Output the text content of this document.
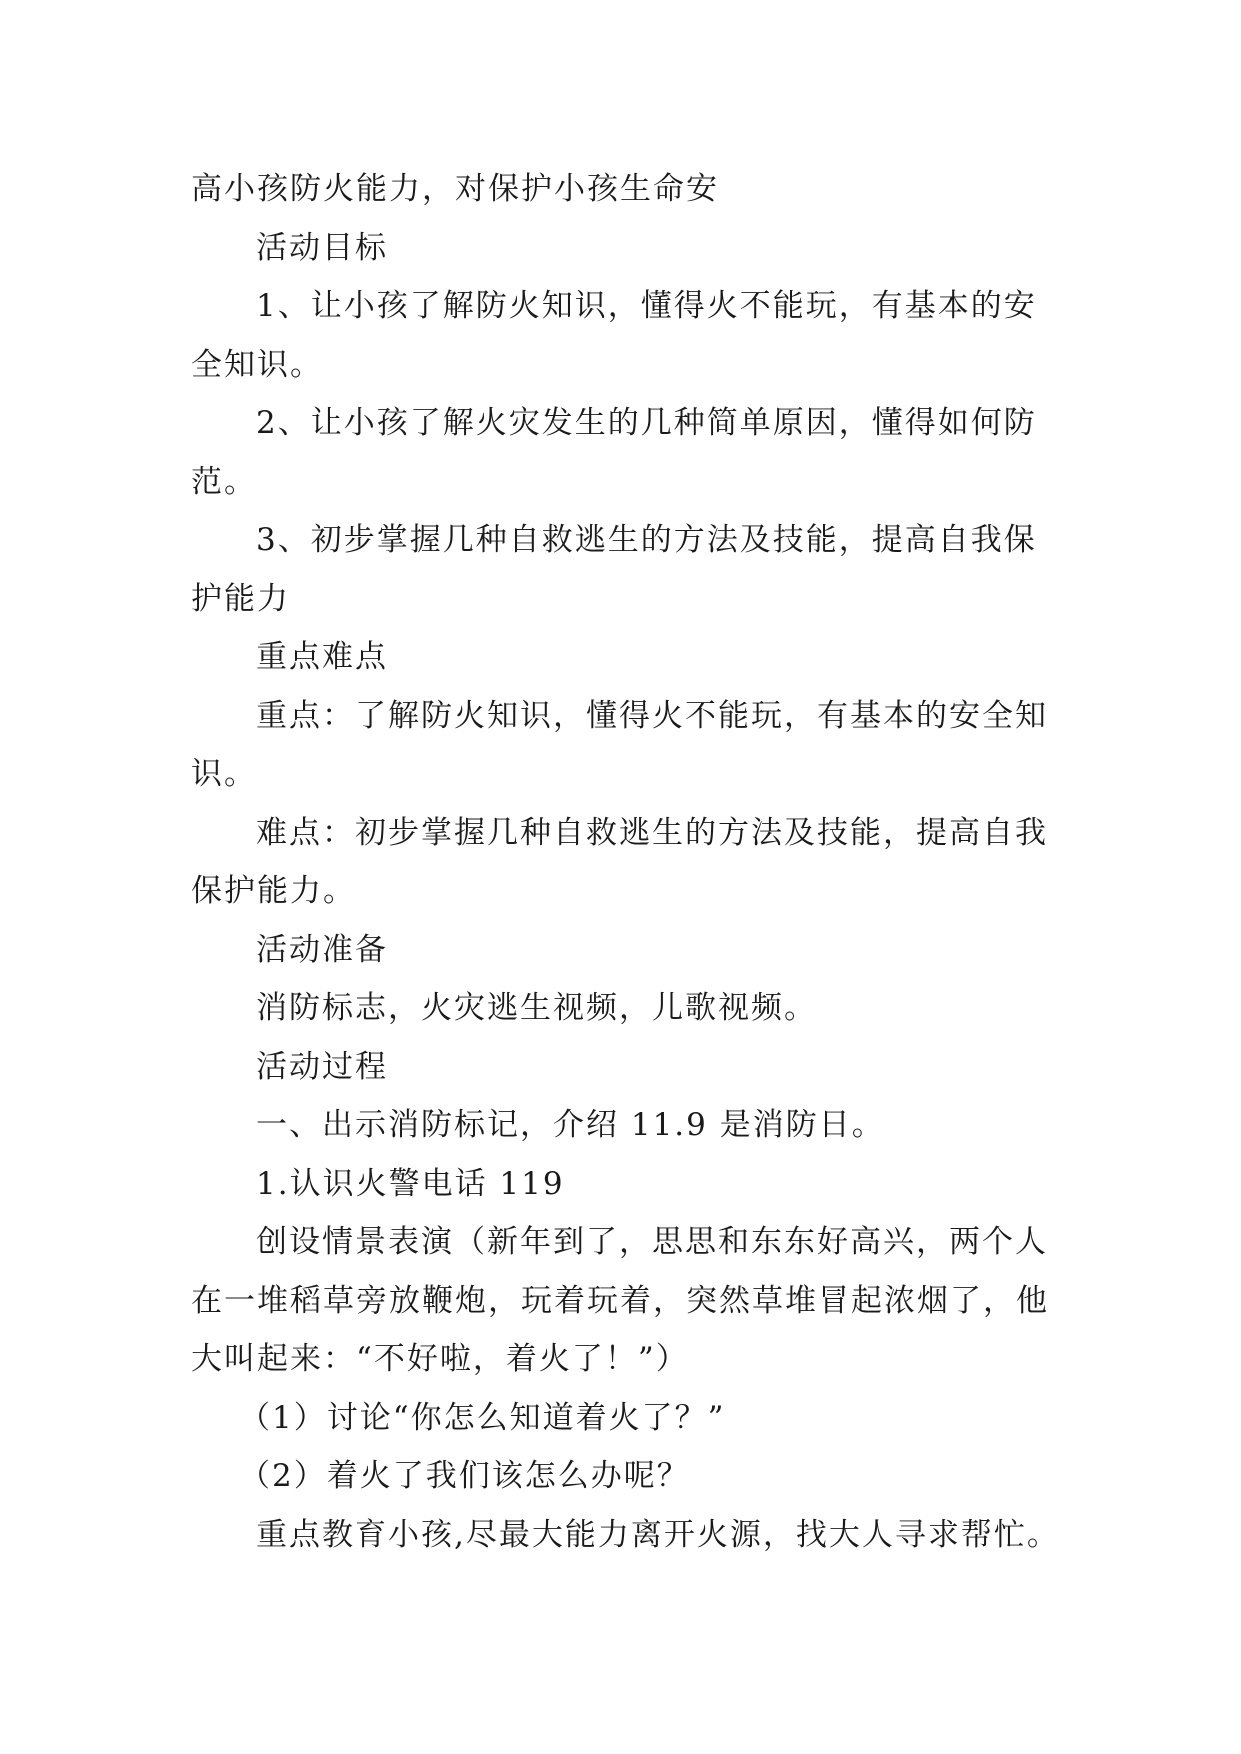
高小孩防火能力，对保护小孩生命安
活动目标
1、让小孩了解防火知识，懂得火不能玩，有基本的安
全知识。
2、让小孩了解火灾发生的几种简单原因，懂得如何防
范。
3、初步掌握几种自救逃生的方法及技能，提高自我保
护能力
重点难点
重点：了解防火知识，懂得火不能玩，有基本的安全知
识。
难点：初步掌握几种自救逃生的方法及技能，提高自我
保护能力。
活动准备
消防标志，火灾逃生视频，儿歌视频。
活动过程
一、出示消防标记，介绍 11.9 是消防日。
1.认识火警电话 119
创设情景表演（新年到了，思思和东东好高兴，两个人
在一堆稻草旁放鞭炮，玩着玩着，突然草堆冒起浓烟了，他
大叫起来：“不好啦，着火了！”）
（1）讨论“你怎么知道着火了？”
（2）着火了我们该怎么办呢？
重点教育小孩,尽最大能力离开火源，找大人寻求帮忙。
